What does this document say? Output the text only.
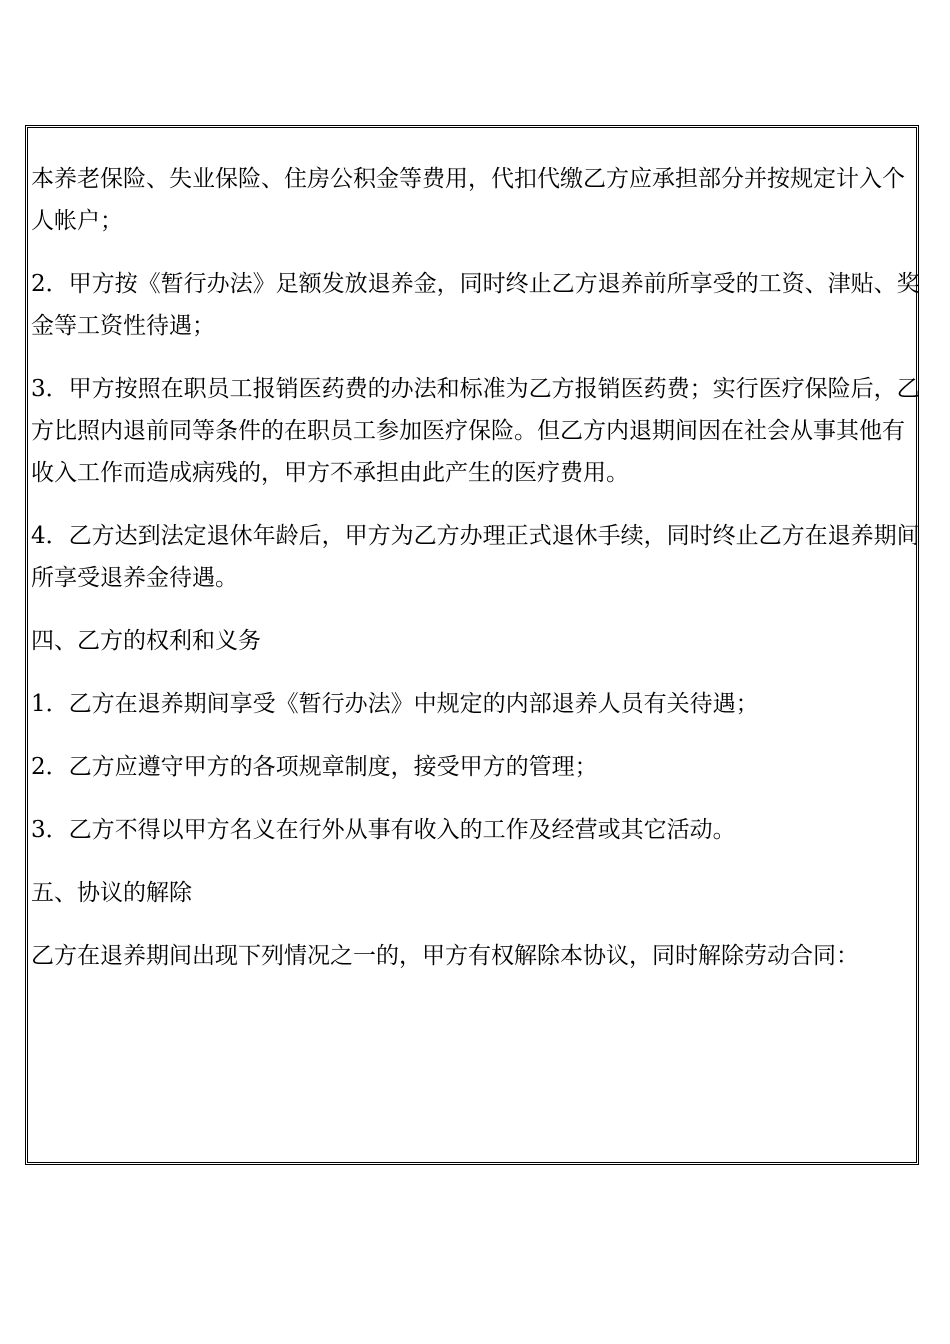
本养老保险、失业保险、住房公积金等费用，代扣代缴乙方应承担部分并按规定计入个人帐户；

2．甲方按《暂行办法》足额发放退养金，同时终止乙方退养前所享受的工资、津贴、奖金等工资性待遇；

3．甲方按照在职员工报销医药费的办法和标准为乙方报销医药费；实行医疗保险后，乙方比照内退前同等条件的在职员工参加医疗保险。但乙方内退期间因在社会从事其他有收入工作而造成病残的，甲方不承担由此产生的医疗费用。

4．乙方达到法定退休年龄后，甲方为乙方办理正式退休手续，同时终止乙方在退养期间所享受退养金待遇。

四、乙方的权利和义务

1．乙方在退养期间享受《暂行办法》中规定的内部退养人员有关待遇；

2．乙方应遵守甲方的各项规章制度，接受甲方的管理；

3．乙方不得以甲方名义在行外从事有收入的工作及经营或其它活动。

五、协议的解除

乙方在退养期间出现下列情况之一的，甲方有权解除本协议，同时解除劳动合同：
